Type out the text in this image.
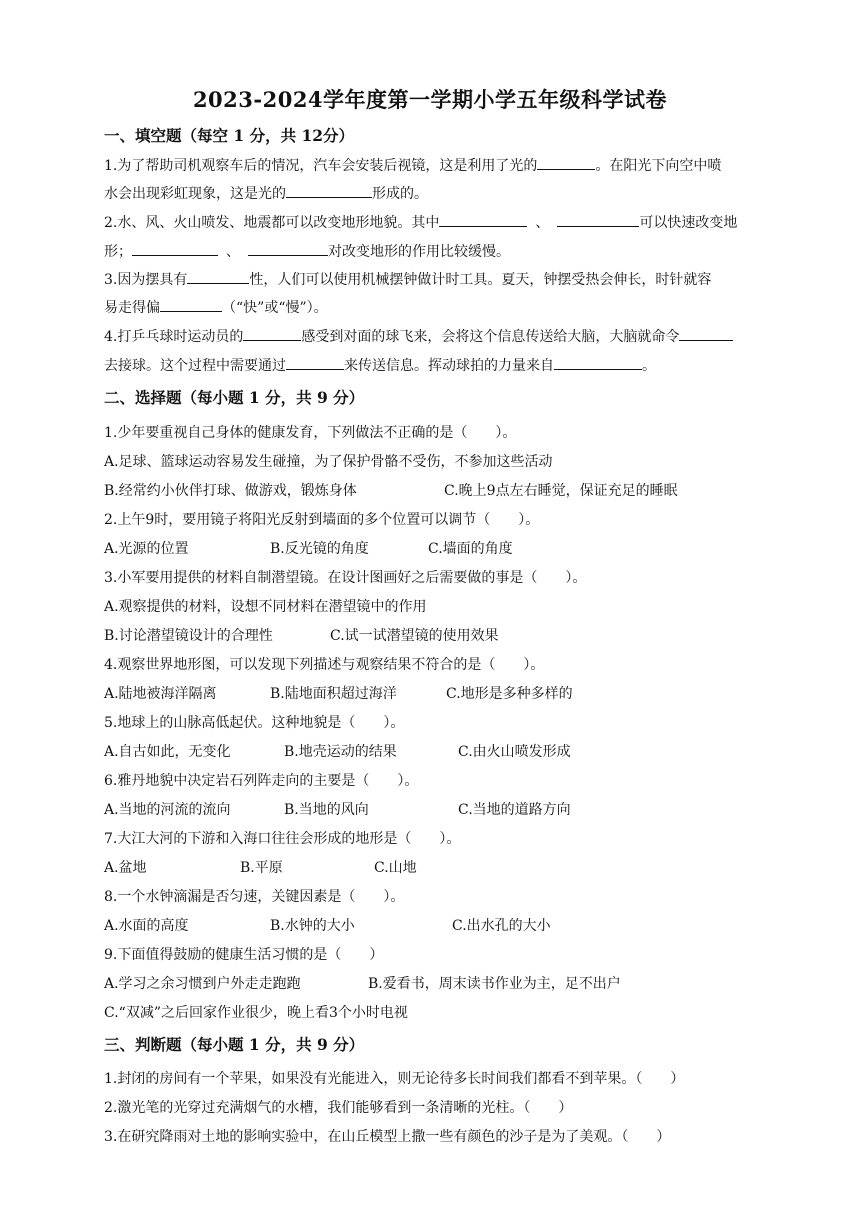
2023-2024学年度第一学期小学五年级科学试卷
一、填空题（每空 1 分，共 12分）
1.为了帮助司机观察车后的情况，汽车会安装后视镜，这是利用了光的	。在阳光下向空中喷
水会出现彩虹现象，这是光的	形成的。
2.水、风、火山喷发、地震都可以改变地形地貌。其中	、	可以快速改变地
形；	、	对改变地形的作用比较缓慢。
3.因为摆具有	性，人们可以使用机械摆钟做计时工具。夏天，钟摆受热会伸长，时针就容
易走得偏	（“快”或“慢”）。
4.打乒乓球时运动员的	感受到对面的球飞来，会将这个信息传送给大脑，大脑就命令
去接球。这个过程中需要通过	来传送信息。挥动球拍的力量来自	。
二、选择题（每小题 1 分，共 9 分）
1.少年要重视自己身体的健康发育，下列做法不正确的是（　　）。
A.足球、篮球运动容易发生碰撞，为了保护骨骼不受伤，不参加这些活动
B.经常约小伙伴打球、做游戏，锻炼身体	C.晚上9点左右睡觉，保证充足的睡眠
2.上午9时，要用镜子将阳光反射到墙面的多个位置可以调节（　　）。
A.光源的位置	B.反光镜的角度	C.墙面的角度
3.小军要用提供的材料自制潜望镜。在设计图画好之后需要做的事是（　　）。
A.观察提供的材料，设想不同材料在潜望镜中的作用
B.讨论潜望镜设计的合理性	C.试一试潜望镜的使用效果
4.观察世界地形图，可以发现下列描述与观察结果不符合的是（　　）。
A.陆地被海洋隔离	B.陆地面积超过海洋	C.地形是多种多样的
5.地球上的山脉高低起伏。这种地貌是（　　）。
A.自古如此，无变化	B.地壳运动的结果	C.由火山喷发形成
6.雅丹地貌中决定岩石列阵走向的主要是（　　）。
A.当地的河流的流向	B.当地的风向	C.当地的道路方向
7.大江大河的下游和入海口往往会形成的地形是（　　）。
A.盆地	B.平原	C.山地
8.一个水钟滴漏是否匀速，关键因素是（　　）。
A.水面的高度	B.水钟的大小	C.出水孔的大小
9.下面值得鼓励的健康生活习惯的是（　　）
A.学习之余习惯到户外走走跑跑	B.爱看书，周末读书作业为主，足不出户
C.“双减”之后回家作业很少，晚上看3个小时电视
三、判断题（每小题 1 分，共 9 分）
1.封闭的房间有一个苹果，如果没有光能进入，则无论待多长时间我们都看不到苹果。（　　）
2.激光笔的光穿过充满烟气的水槽，我们能够看到一条清晰的光柱。（　　）
3.在研究降雨对土地的影响实验中，在山丘模型上撒一些有颜色的沙子是为了美观。（　　）
